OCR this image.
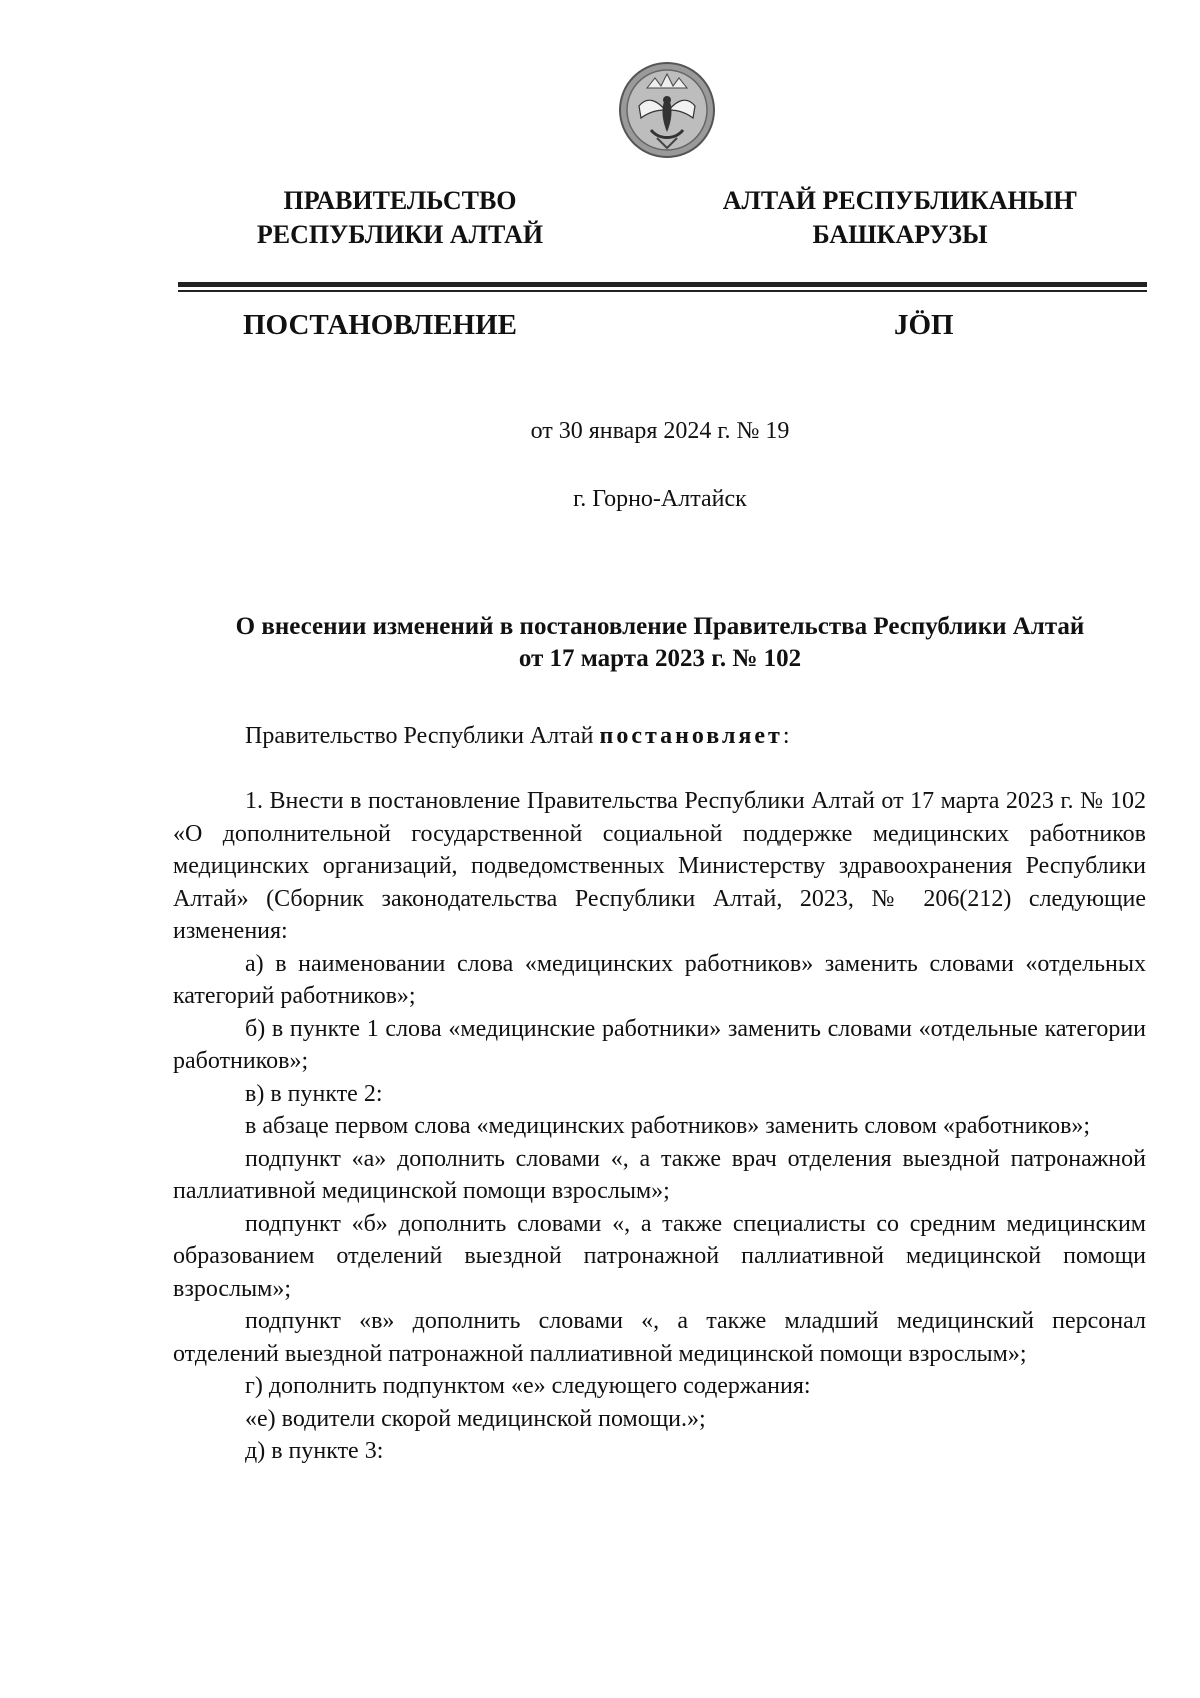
ПРАВИТЕЛЬСТВО
РЕСПУБЛИКИ АЛТАЙ
АЛТАЙ РЕСПУБЛИКАНЫҤ
БАШКАРУЗЫ
ПОСТАНОВЛЕНИЕ	JÖП
от 30 января 2024 г. № 19
г. Горно-Алтайск
О внесении изменений в постановление Правительства Республики Алтай
от 17 марта 2023 г. № 102
Правительство Республики Алтай постановляет:

1. Внести в постановление Правительства Республики Алтай от 17 марта 2023 г. № 102 «О дополнительной государственной социальной поддержке медицинских работников медицинских организаций, подведомственных Министерству здравоохранения Республики Алтай» (Сборник законодательства Республики Алтай, 2023, № 206(212) следующие изменения:

а) в наименовании слова «медицинских работников» заменить словами «отдельных категорий работников»;

б) в пункте 1 слова «медицинские работники» заменить словами «отдельные категории работников»;

в) в пункте 2:

в абзаце первом слова «медицинских работников» заменить словом «работников»;

подпункт «а» дополнить словами «, а также врач отделения выездной патронажной паллиативной медицинской помощи взрослым»;

подпункт «б» дополнить словами «, а также специалисты со средним медицинским образованием отделений выездной патронажной паллиативной медицинской помощи взрослым»;

подпункт «в» дополнить словами «, а также младший медицинский персонал отделений выездной патронажной паллиативной медицинской помощи взрослым»;

г) дополнить подпунктом «е» следующего содержания:

«е) водители скорой медицинской помощи.»;

д) в пункте 3:
